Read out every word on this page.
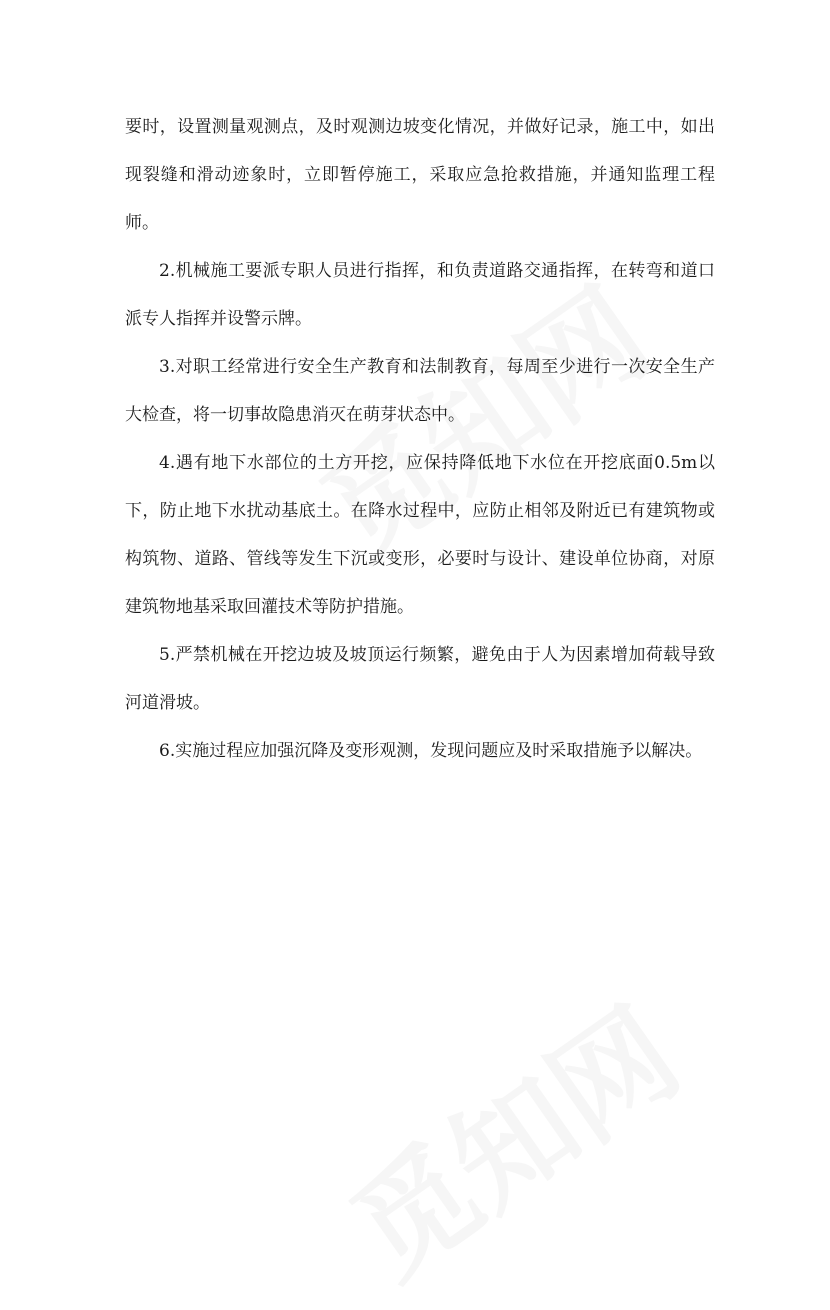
要时，设置测量观测点，及时观测边坡变化情况，并做好记录，施工中，如出现裂缝和滑动迹象时，立即暂停施工，采取应急抢救措施，并通知监理工程师。

2.机械施工要派专职人员进行指挥，和负责道路交通指挥，在转弯和道口派专人指挥并设警示牌。

3.对职工经常进行安全生产教育和法制教育，每周至少进行一次安全生产大检查，将一切事故隐患消灭在萌芽状态中。

4.遇有地下水部位的土方开挖，应保持降低地下水位在开挖底面0.5m以下，防止地下水扰动基底土。在降水过程中，应防止相邻及附近已有建筑物或构筑物、道路、管线等发生下沉或变形，必要时与设计、建设单位协商，对原建筑物地基采取回灌技术等防护措施。

5.严禁机械在开挖边坡及坡顶运行频繁，避免由于人为因素增加荷载导致河道滑坡。

6.实施过程应加强沉降及变形观测，发现问题应及时采取措施予以解决。
